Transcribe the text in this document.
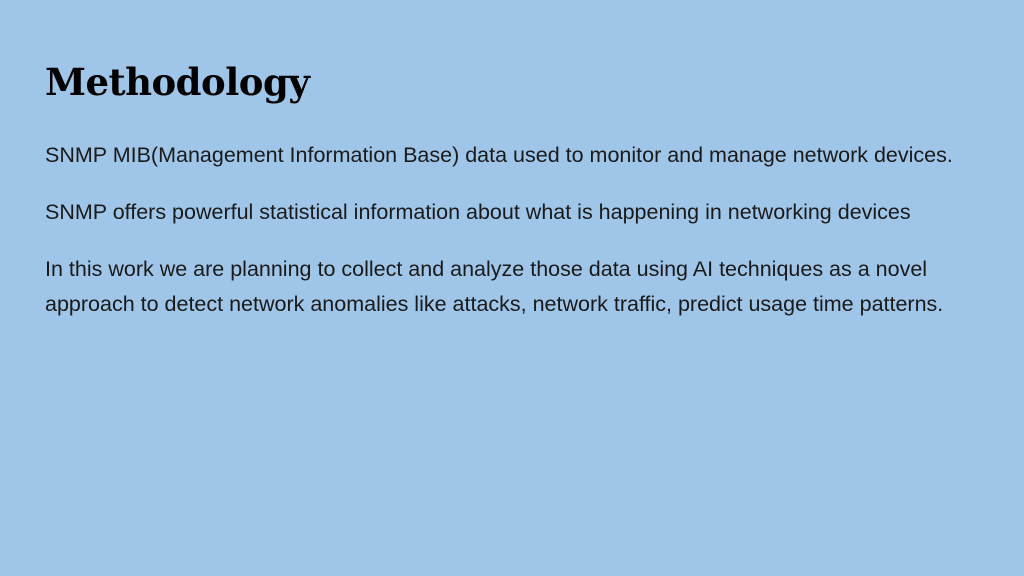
Methodology

SNMP MIB(Management Information Base) data used to monitor and manage network devices.

SNMP offers powerful statistical information about what is happening in networking devices

In this work we are planning to collect and analyze those data using AI techniques as a novel approach to detect network anomalies like attacks, network traffic, predict usage time patterns.
